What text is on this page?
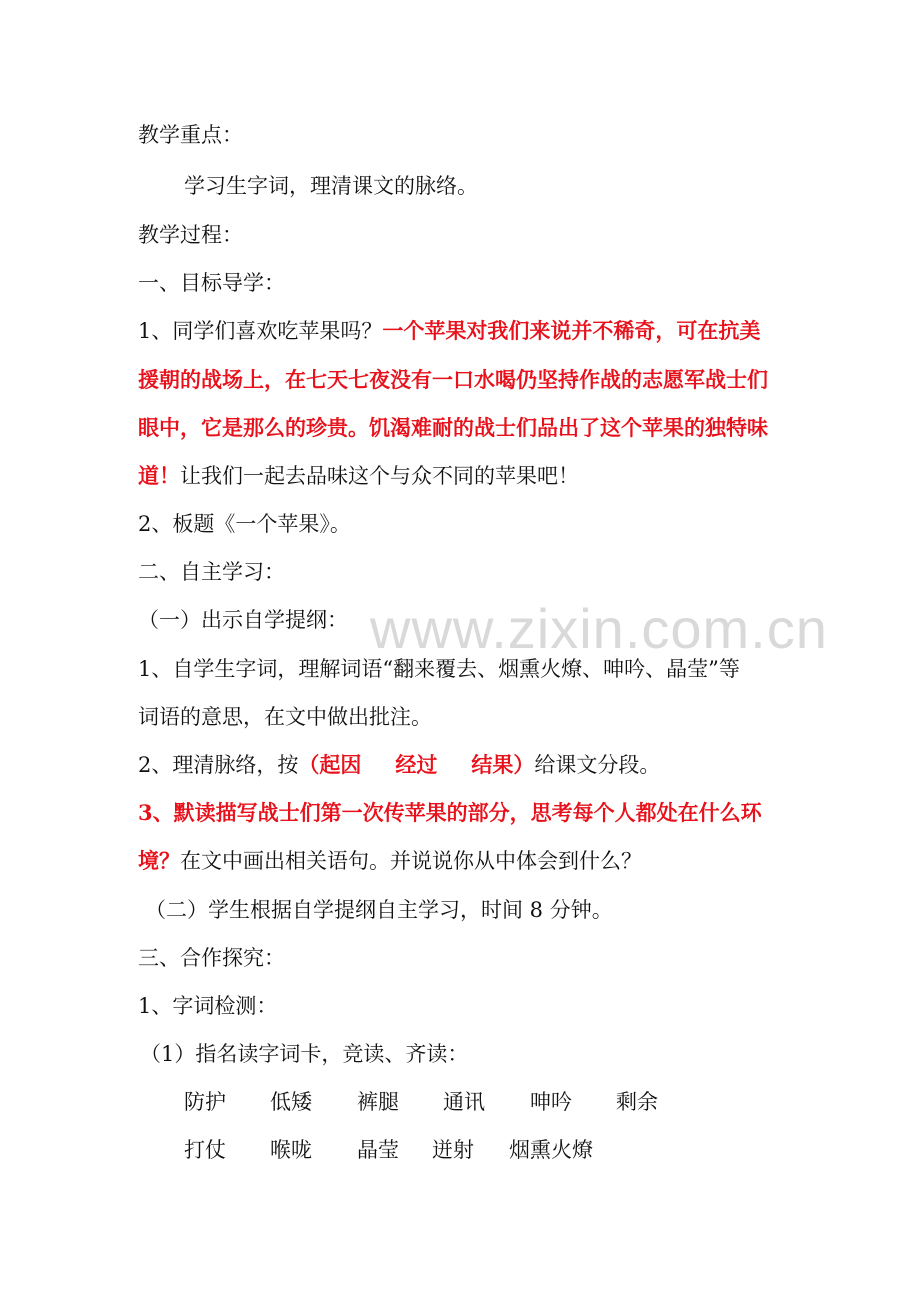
www.zixin.com.cn
教学重点：
学习生字词，理清课文的脉络。
教学过程：
一、目标导学：
1、同学们喜欢吃苹果吗？一个苹果对我们来说并不稀奇，可在抗美
援朝的战场上，在七天七夜没有一口水喝仍坚持作战的志愿军战士们
眼中，它是那么的珍贵。饥渴难耐的战士们品出了这个苹果的独特味
道！让我们一起去品味这个与众不同的苹果吧！
2、板题《一个苹果》。
二、自主学习：
（一）出示自学提纲：
1、自学生字词，理解词语“翻来覆去、烟熏火燎、呻吟、晶莹”等
词语的意思，在文中做出批注。
2、理清脉络，按（起因 经过 结果）给课文分段。
3、默读描写战士们第一次传苹果的部分，思考每个人都处在什么环
境？在文中画出相关语句。并说说你从中体会到什么？
（二）学生根据自学提纲自主学习，时间 8 分钟。
三、合作探究：
1、字词检测：
（1）指名读字词卡，竞读、齐读：
防护 低矮 裤腿 通讯 呻吟 剩余
打仗 喉咙 晶莹 迸射 烟熏火燎
